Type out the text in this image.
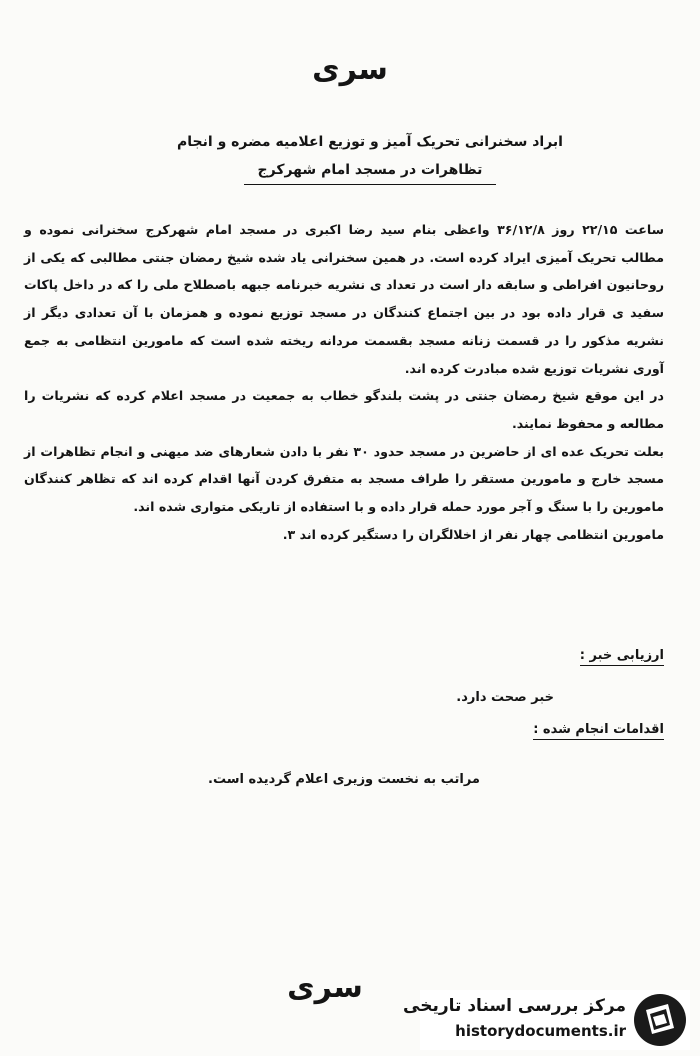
سری
ابراد سخنرانی تحریک آمیز و توزیع اعلامیه مضره و انجام
تظاهرات در مسجد امام شهرکرج

ساعت ۲۲/۱۵ روز ۳۶/۱۲/۸ واعظی بنام سید رضا اکبری در مسجد امام شهرکرج سخنرانی نموده و مطالب تحریک آمیزی ایراد کرده است. در همین سخنرانی یاد شده شیخ رمضان جنتی مطالبی که یکی از روحانیون افراطی و سابقه دار است در تعداد ی نشریه خبرنامه جبهه باصطلاح ملی را که در داخل پاکات سفید ی قرار داده بود در بین اجتماع کنندگان در مسجد توزیع نموده و همزمان با آن تعدادی دیگر از نشریه مذکور را در قسمت زنانه مسجد بقسمت مردانه ریخته شده است که مامورین انتظامی به جمع آوری نشریات توزیع شده مبادرت کرده اند.

در این موقع شیخ رمضان جنتی در پشت بلندگو خطاب به جمعیت در مسجد اعلام کرده که نشریات را مطالعه و محفوظ نمایند.

بعلت تحریک عده ای از حاضرین در مسجد حدود ۳۰ نفر با دادن شعارهای ضد میهنی و انجام تظاهرات از مسجد خارج و مامورین مستقر را طراف مسجد به متفرق کردن آنها اقدام کرده اند که تظاهر کنندگان مامورین را با سنگ و آجر مورد حمله قرار داده و با استفاده از تاریکی متواری شده اند.

مامورین انتظامی چهار نفر از اخلالگران را دستگیر کرده اند ۳.

ارزیابی خبر :
خبر صحت دارد.
اقدامات انجام شده :
مراتب به نخست وزیری اعلام گردیده است.
سری
مرکز بررسی اسناد تاریخی
historydocuments.ir
